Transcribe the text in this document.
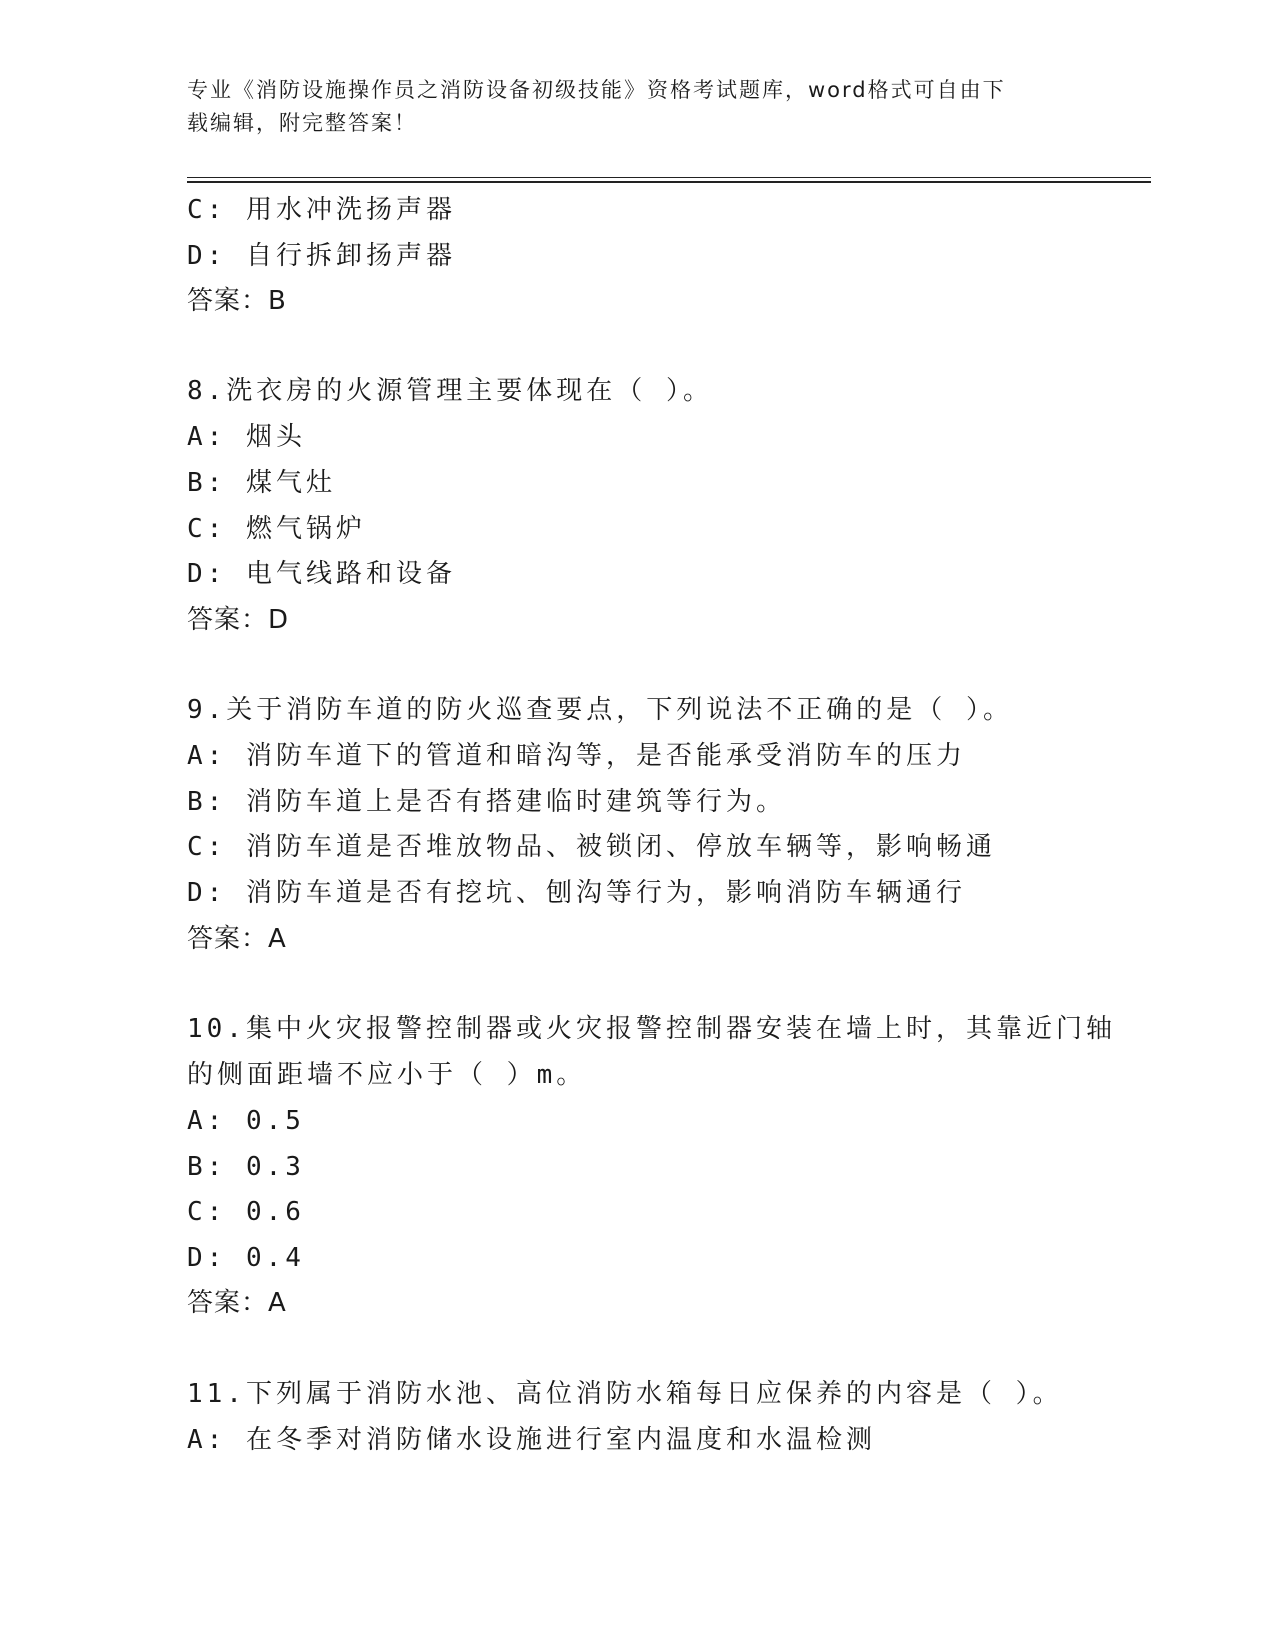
专业《消防设施操作员之消防设备初级技能》资格考试题库，word格式可自由下
载编辑，附完整答案！
C: 用水冲洗扬声器
D: 自行拆卸扬声器
答案：B
8.洗衣房的火源管理主要体现在（ ）。
A: 烟头
B: 煤气灶
C: 燃气锅炉
D: 电气线路和设备
答案：D
9.关于消防车道的防火巡查要点，下列说法不正确的是（ ）。
A: 消防车道下的管道和暗沟等，是否能承受消防车的压力
B: 消防车道上是否有搭建临时建筑等行为。
C: 消防车道是否堆放物品、被锁闭、停放车辆等，影响畅通
D: 消防车道是否有挖坑、刨沟等行为，影响消防车辆通行
答案：A
10.集中火灾报警控制器或火灾报警控制器安装在墙上时，其靠近门轴
的侧面距墙不应小于（ ）m。
A: 0.5
B: 0.3
C: 0.6
D: 0.4
答案：A
11.下列属于消防水池、高位消防水箱每日应保养的内容是（ ）。
A: 在冬季对消防储水设施进行室内温度和水温检测
